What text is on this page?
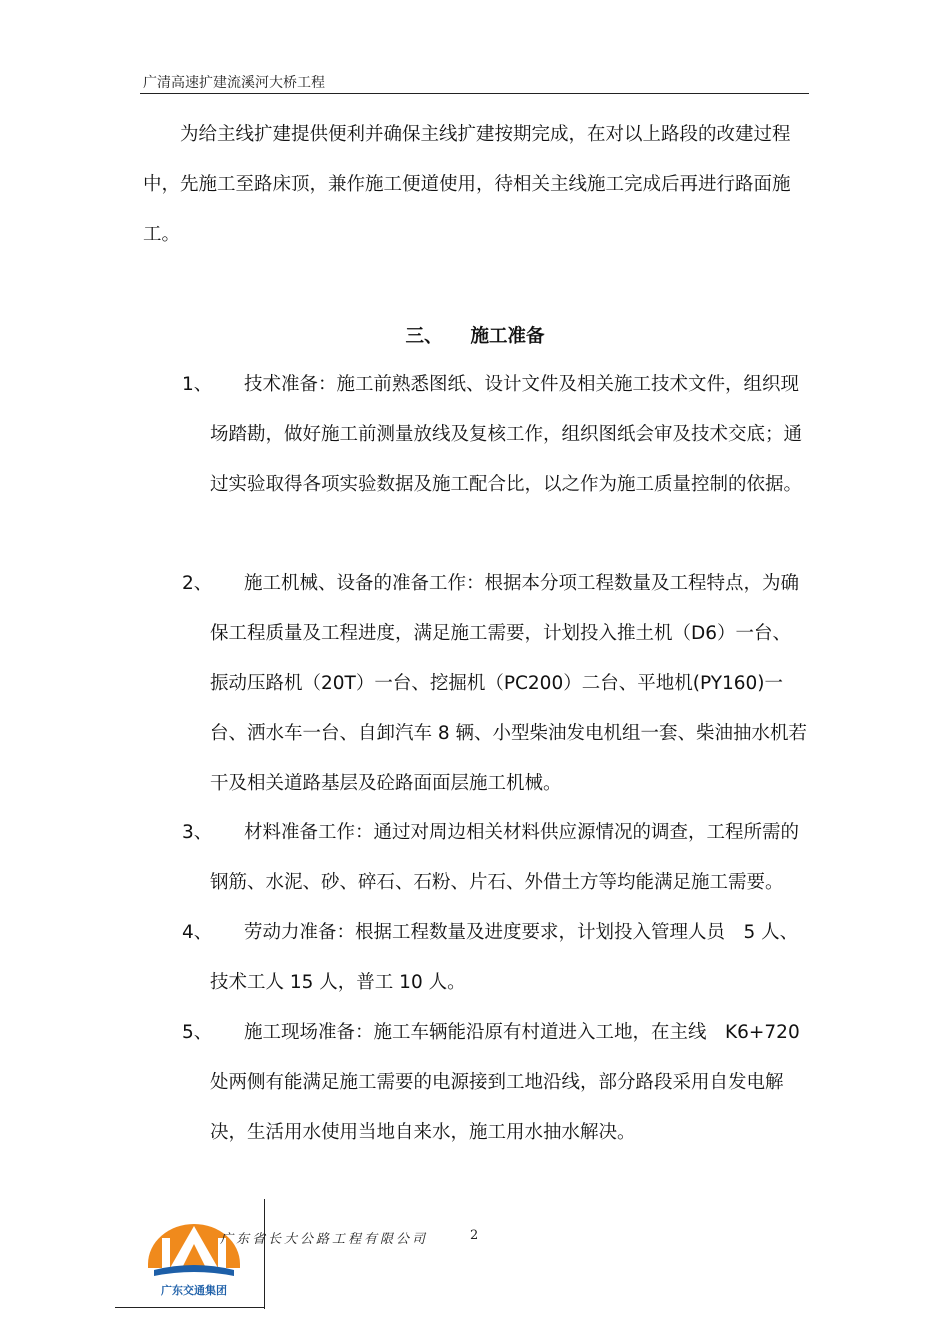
广清高速扩建流溪河大桥工程

为给主线扩建提供便利并确保主线扩建按期完成，在对以上路段的改建过程中，先施工至路床顶，兼作施工便道使用，待相关主线施工完成后再进行路面施工。

三、 施工准备
1、	技术准备：施工前熟悉图纸、设计文件及相关施工技术文件，组织现场踏勘，做好施工前测量放线及复核工作，组织图纸会审及技术交底；通过实验取得各项实验数据及施工配合比，以之作为施工质量控制的依据。

2、	施工机械、设备的准备工作：根据本分项工程数量及工程特点，为确保工程质量及工程进度，满足施工需要，计划投入推土机（D6）一台、振动压路机（20T）一台、挖掘机（PC200）二台、平地机(PY160)一台、洒水车一台、自卸汽车 8 辆、小型柴油发电机组一套、柴油抽水机若干及相关道路基层及砼路面面层施工机械。

3、	材料准备工作：通过对周边相关材料供应源情况的调查，工程所需的钢筋、水泥、砂、碎石、石粉、片石、外借土方等均能满足施工需要。

4、	劳动力准备：根据工程数量及进度要求，计划投入管理人员　5 人、技术工人 15 人，普工 10 人。

5、	施工现场准备：施工车辆能沿原有村道进入工地，在主线　K6+720 处两侧有能满足施工需要的电源接到工地沿线，部分路段采用自发电解决，生活用水使用当地自来水，施工用水抽水解决。

广东交通集团
广东省长大公路工程有限公司	2
